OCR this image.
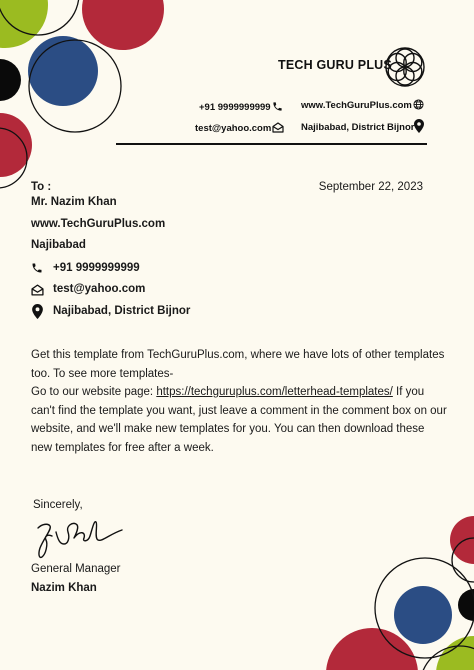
TECH GURU PLUS
+91 9999999999
test@yahoo.com
www.TechGuruPlus.com
Najibabad, District Bijnor
To :	September 22, 2023
Mr. Nazim Khan
www.TechGuruPlus.com
Najibabad
+91 9999999999
test@yahoo.com
Najibabad, District Bijnor

Get this template from TechGuruPlus.com, where we have lots of other templates too. To see more templates-

Go to our website page: https://techguruplus.com/letterhead-templates/ If you can't find the template you want, just leave a comment in the comment box on our website, and we'll make new templates for you. You can then download these new templates for free after a week.

Sincerely,
General Manager
Nazim Khan
